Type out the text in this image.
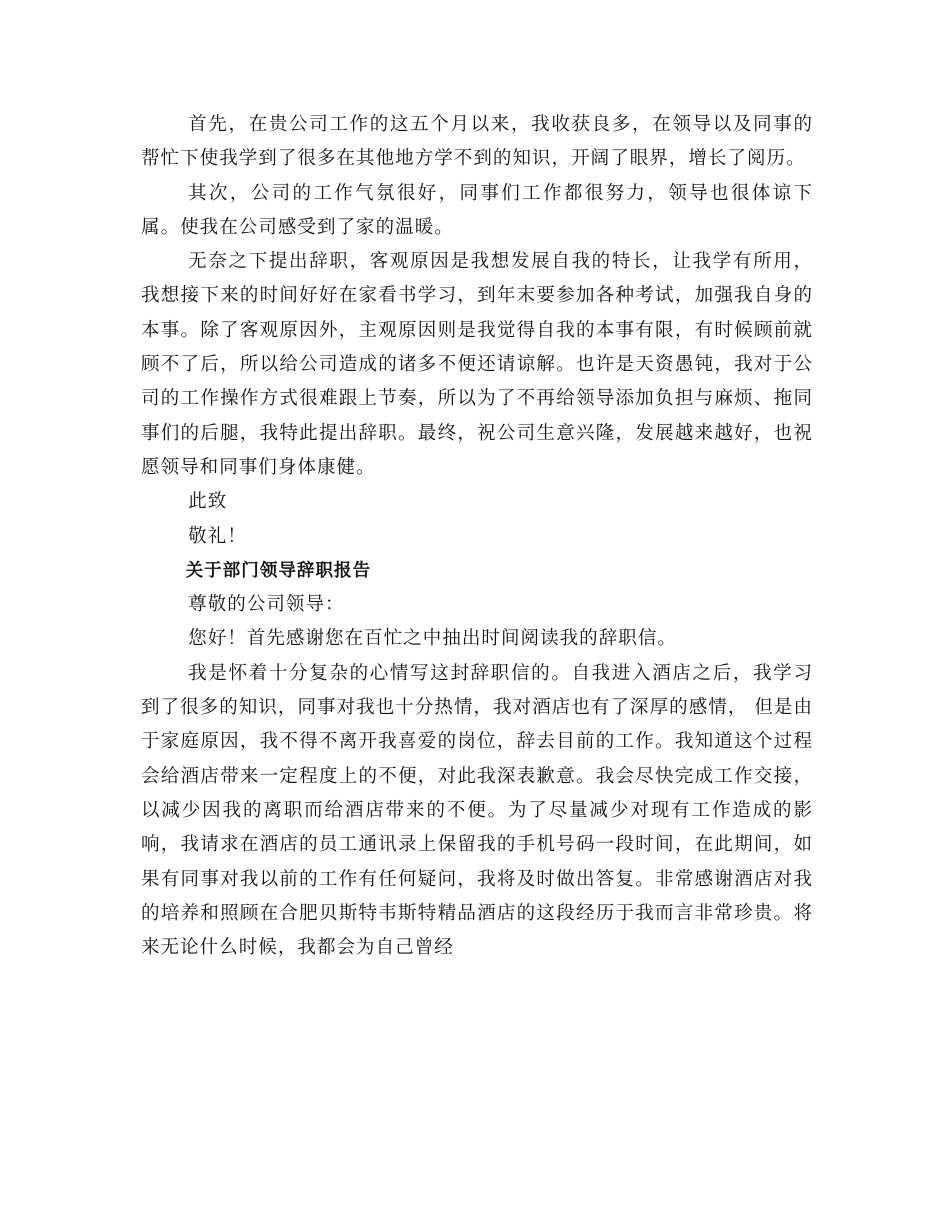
首先，在贵公司工作的这五个月以来，我收获良多，在领导以及同事的帮忙下使我学到了很多在其他地方学不到的知识，开阔了眼界，增长了阅历。

其次，公司的工作气氛很好，同事们工作都很努力，领导也很体谅下属。使我在公司感受到了家的温暖。

无奈之下提出辞职，客观原因是我想发展自我的特长，让我学有所用，我想接下来的时间好好在家看书学习，到年末要参加各种考试，加强我自身的本事。除了客观原因外，主观原因则是我觉得自我的本事有限，有时候顾前就顾不了后，所以给公司造成的诸多不便还请谅解。也许是天资愚钝，我对于公司的工作操作方式很难跟上节奏，所以为了不再给领导添加负担与麻烦、拖同事们的后腿，我特此提出辞职。最终，祝公司生意兴隆，发展越来越好，也祝愿领导和同事们身体康健。

此致

敬礼！

关于部门领导辞职报告

尊敬的公司领导：

您好！首先感谢您在百忙之中抽出时间阅读我的辞职信。

我是怀着十分复杂的心情写这封辞职信的。自我进入酒店之后，我学习到了很多的知识，同事对我也十分热情，我对酒店也有了深厚的感情， 但是由于家庭原因，我不得不离开我喜爱的岗位，辞去目前的工作。我知道这个过程会给酒店带来一定程度上的不便，对此我深表歉意。我会尽快完成工作交接，以减少因我的离职而给酒店带来的不便。为了尽量减少对现有工作造成的影响，我请求在酒店的员工通讯录上保留我的手机号码一段时间，在此期间，如果有同事对我以前的工作有任何疑问，我将及时做出答复。非常感谢酒店对我的培养和照顾在合肥贝斯特韦斯特精品酒店的这段经历于我而言非常珍贵。将来无论什么时候，我都会为自己曾经
